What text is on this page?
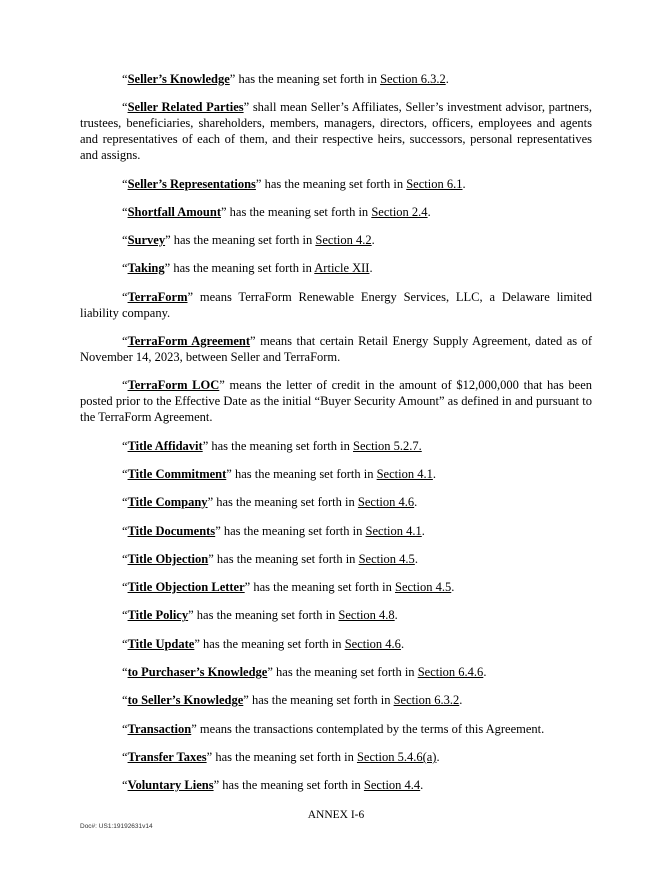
“Seller’s Knowledge” has the meaning set forth in Section 6.3.2.

“Seller Related Parties” shall mean Seller’s Affiliates, Seller’s investment advisor, partners, trustees, beneficiaries, shareholders, members, managers, directors, officers, employees and agents and representatives of each of them, and their respective heirs, successors, personal representatives and assigns.

“Seller’s Representations” has the meaning set forth in Section 6.1.

“Shortfall Amount” has the meaning set forth in Section 2.4.

“Survey” has the meaning set forth in Section 4.2.

“Taking” has the meaning set forth in Article XII.

“TerraForm” means TerraForm Renewable Energy Services, LLC, a Delaware limited liability company.

“TerraForm Agreement” means that certain Retail Energy Supply Agreement, dated as of November 14, 2023, between Seller and TerraForm.

“TerraForm LOC” means the letter of credit in the amount of $12,000,000 that has been posted prior to the Effective Date as the initial “Buyer Security Amount” as defined in and pursuant to the TerraForm Agreement.

“Title Affidavit” has the meaning set forth in Section 5.2.7.

“Title Commitment” has the meaning set forth in Section 4.1.

“Title Company” has the meaning set forth in Section 4.6.

“Title Documents” has the meaning set forth in Section 4.1.

“Title Objection” has the meaning set forth in Section 4.5.

“Title Objection Letter” has the meaning set forth in Section 4.5.

“Title Policy” has the meaning set forth in Section 4.8.

“Title Update” has the meaning set forth in Section 4.6.

“to Purchaser’s Knowledge” has the meaning set forth in Section 6.4.6.

“to Seller’s Knowledge” has the meaning set forth in Section 6.3.2.

“Transaction” means the transactions contemplated by the terms of this Agreement.

“Transfer Taxes” has the meaning set forth in Section 5.4.6(a).

“Voluntary Liens” has the meaning set forth in Section 4.4.

ANNEX I-6
Doc#: US1:19192631v14
